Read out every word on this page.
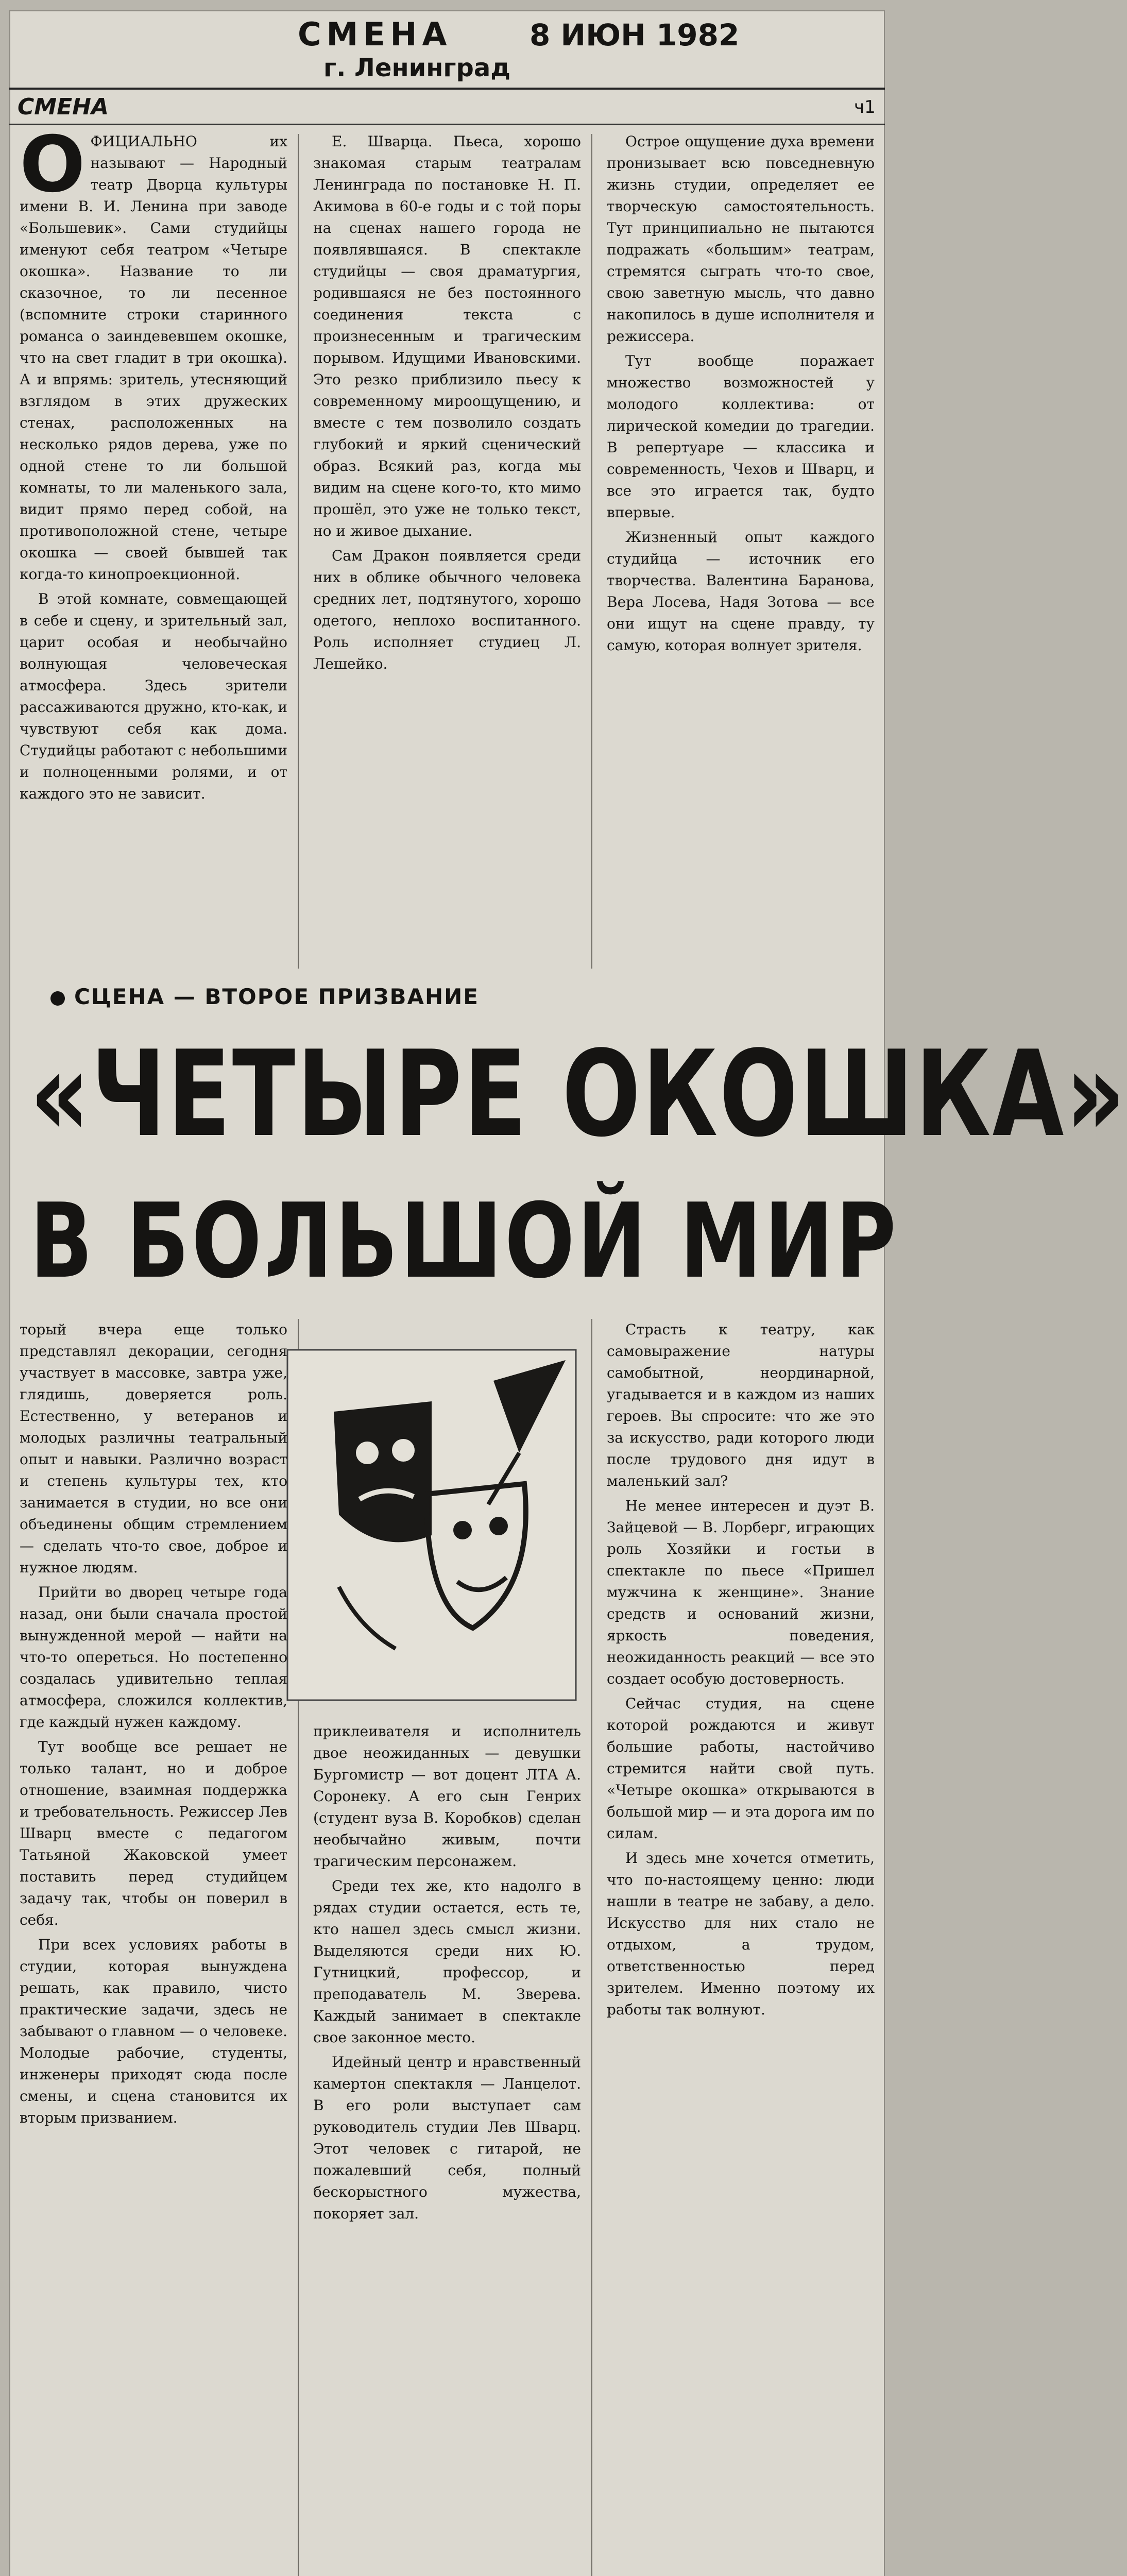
СМЕНА
г. Ленинград
8 ИЮН 1982
ч1
СМЕНА

ОФИЦИАЛЬНО их называют — Народный театр Дворца культуры имени В. И. Ленина при заводе «Большевик». Сами студийцы именуют себя театром «Четыре окошка». Название то ли сказочное, то ли песенное (вспомните строки старинного романса о заиндевевшем окошке, что на свет гладит в три окошка). А и впрямь: зритель, утесняющий взглядом в этих дружеских стенах, расположенных на несколько рядов дерева, уже по одной стене то ли большой комнаты, то ли маленького зала, видит прямо перед собой, на противоположной стене, четыре окошка — своей бывшей так когда-то кинопроекционной.

В этой комнате, совмещающей в себе и сцену, и зрительный зал, царит особая и необычайно волнующая человеческая атмосфера. Здесь зрители рассаживаются дружно, кто-как, и чувствуют себя как дома. Студийцы работают с небольшими и полноценными ролями, и от каждого это не зависит.

Е. Шварца. Пьеса, хорошо знакомая старым театралам Ленинграда по постановке Н. П. Акимова в 60-е годы и с той поры на сценах нашего города не появлявшаяся. В спектакле студийцы — своя драматургия, родившаяся не без постоянного соединения текста с произнесенным и трагическим порывом. Идущими Ивановскими. Это резко приблизило пьесу к современному мироощущению, и вместе с тем позволило создать глубокий и яркий сценический образ. Всякий раз, когда мы видим на сцене кого-то, кто мимо прошёл, это уже не только текст, но и живое дыхание.

Сам Дракон появляется среди них в облике обычного человека средних лет, подтянутого, хорошо одетого, неплохо воспитанного. Роль исполняет студиец Л. Лешейко.

Острое ощущение духа времени пронизывает всю повседневную жизнь студии, определяет ее творческую самостоятельность. Тут принципиально не пытаются подражать «большим» театрам, стремятся сыграть что-то свое, свою заветную мысль, что давно накопилось в душе исполнителя и режиссера.

Тут вообще поражает множество возможностей у молодого коллектива: от лирической комедии до трагедии. В репертуаре — классика и современность, Чехов и Шварц, и все это играется так, будто впервые.

Жизненный опыт каждого студийца — источник его творчества. Валентина Баранова, Вера Лосева, Надя Зотова — все они ищут на сцене правду, ту самую, которая волнует зрителя.

СЦЕНА — ВТОРОЕ ПРИЗВАНИЕ
«ЧЕТЫРЕ ОКОШКА»
В БОЛЬШОЙ МИР

торый вчера еще только представлял декорации, сегодня участвует в массовке, завтра уже, глядишь, доверяется роль. Естественно, у ветеранов и молодых различны театральный опыт и навыки. Различно возраст и степень культуры тех, кто занимается в студии, но все они объединены общим стремлением — сделать что-то свое, доброе и нужное людям.

Прийти во дворец четыре года назад, они были сначала простой вынужденной мерой — найти на что-то опереться. Но постепенно создалась удивительно теплая атмосфера, сложился коллектив, где каждый нужен каждому.

Тут вообще все решает не только талант, но и доброе отношение, взаимная поддержка и требовательность. Режиссер Лев Шварц вместе с педагогом Татьяной Жаковской умеет поставить перед студийцем задачу так, чтобы он поверил в себя.

При всех условиях работы в студии, которая вынуждена решать, как правило, чисто практические задачи, здесь не забывают о главном — о человеке. Молодые рабочие, студенты, инженеры приходят сюда после смены, и сцена становится их вторым призванием.

приклеивателя и исполнитель двое неожиданных — девушки Бургомистр — вот доцент ЛТА А. Соронеку. А его сын Генрих (студент вуза В. Коробков) сделан необычайно живым, почти трагическим персонажем.

Среди тех же, кто надолго в рядах студии остается, есть те, кто нашел здесь смысл жизни. Выделяются среди них Ю. Гутницкий, профессор, и преподаватель М. Зверева. Каждый занимает в спектакле свое законное место.

Идейный центр и нравственный камертон спектакля — Ланцелот. В его роли выступает сам руководитель студии Лев Шварц. Этот человек с гитарой, не пожалевший себя, полный бескорыстного мужества, покоряет зал.

Страсть к театру, как самовыражение натуры самобытной, неординарной, угадывается и в каждом из наших героев. Вы спросите: что же это за искусство, ради которого люди после трудового дня идут в маленький зал?

Не менее интересен и дуэт В. Зайцевой — В. Лорберг, играющих роль Хозяйки и гостьи в спектакле по пьесе «Пришел мужчина к женщине». Знание средств и оснований жизни, яркость поведения, неожиданность реакций — все это создает особую достоверность.

Сейчас студия, на сцене которой рождаются и живут большие работы, настойчиво стремится найти свой путь. «Четыре окошка» открываются в большой мир — и эта дорога им по силам.

И здесь мне хочется отметить, что по-настоящему ценно: люди нашли в театре не забаву, а дело. Искусство для них стало не отдыхом, а трудом, ответственностью перед зрителем. Именно поэтому их работы так волнуют.
